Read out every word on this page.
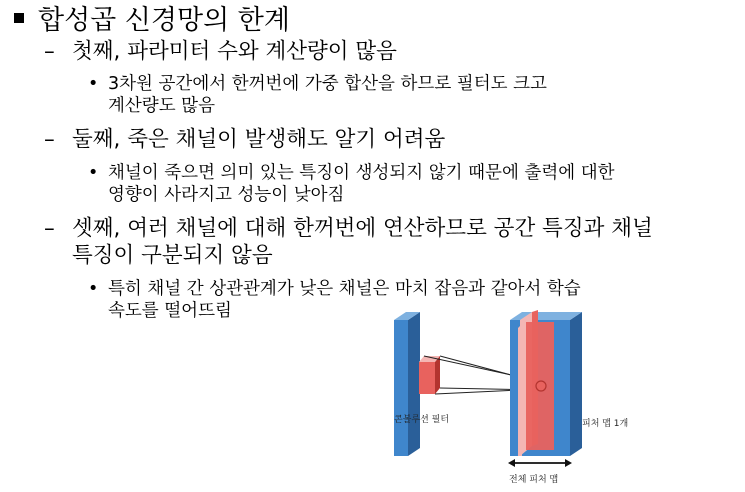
합성곱 신경망의 한계
– 첫째, 파라미터 수와 계산량이 많음
• 3차원 공간에서 한꺼번에 가중 합산을 하므로 필터도 크고
계산량도 많음
– 둘째, 죽은 채널이 발생해도 알기 어려움
• 채널이 죽으면 의미 있는 특징이 생성되지 않기 때문에 출력에 대한
영향이 사라지고 성능이 낮아짐
– 셋째, 여러 채널에 대해 한꺼번에 연산하므로 공간 특징과 채널
특징이 구분되지 않음
• 특히 채널 간 상관관계가 낮은 채널은 마치 잡음과 같아서 학습
속도를 떨어뜨림
콘볼루션 필터	피처 맵 1개
전체 피처 맵
